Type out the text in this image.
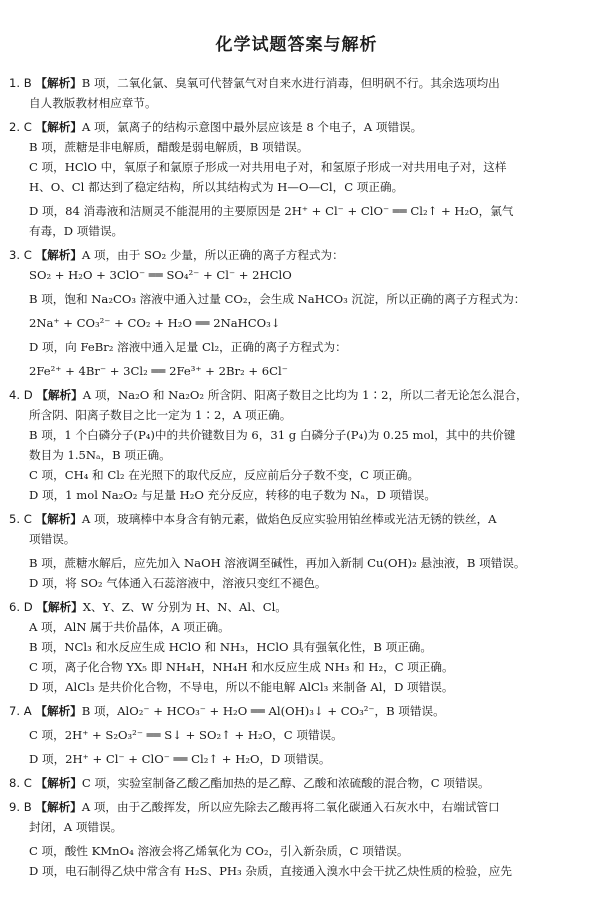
化学试题答案与解析
1. B 【解析】B 项，二氧化氯、臭氧可代替氯气对自来水进行消毒，但明矾不行。其余选项均出
自人教版教材相应章节。
2. C 【解析】A 项，氯离子的结构示意图中最外层应该是 8 个电子，A 项错误。
B 项，蔗糖是非电解质，醋酸是弱电解质，B 项错误。
C 项，HClO 中，氧原子和氯原子形成一对共用电子对，和氢原子形成一对共用电子对，这样
H、O、Cl 都达到了稳定结构，所以其结构式为 H—O—Cl，C 项正确。
D 项，84 消毒液和洁厕灵不能混用的主要原因是 2H⁺ + Cl⁻ + ClO⁻ ══ Cl₂↑ + H₂O，氯气
有毒，D 项错误。
3. C 【解析】A 项，由于 SO₂ 少量，所以正确的离子方程式为：
SO₂ + H₂O + 3ClO⁻ ══ SO₄²⁻ + Cl⁻ + 2HClO
B 项，饱和 Na₂CO₃ 溶液中通入过量 CO₂，会生成 NaHCO₃ 沉淀，所以正确的离子方程式为：
2Na⁺ + CO₃²⁻ + CO₂ + H₂O ══ 2NaHCO₃↓
D 项，向 FeBr₂ 溶液中通入足量 Cl₂，正确的离子方程式为：
2Fe²⁺ + 4Br⁻ + 3Cl₂ ══ 2Fe³⁺ + 2Br₂ + 6Cl⁻
4. D 【解析】A 项，Na₂O 和 Na₂O₂ 所含阴、阳离子数目之比均为 1∶2，所以二者无论怎么混合，
所含阴、阳离子数目之比一定为 1∶2，A 项正确。
B 项，1 个白磷分子(P₄)中的共价键数目为 6，31 g 白磷分子(P₄)为 0.25 mol，其中的共价键
数目为 1.5Nₐ，B 项正确。
C 项，CH₄ 和 Cl₂ 在光照下的取代反应，反应前后分子数不变，C 项正确。
D 项，1 mol Na₂O₂ 与足量 H₂O 充分反应，转移的电子数为 Nₐ，D 项错误。
5. C 【解析】A 项，玻璃棒中本身含有钠元素，做焰色反应实验用铂丝棒或光洁无锈的铁丝，A
项错误。
B 项，蔗糖水解后，应先加入 NaOH 溶液调至碱性，再加入新制 Cu(OH)₂ 悬浊液，B 项错误。
D 项，将 SO₂ 气体通入石蕊溶液中，溶液只变红不褪色。
6. D 【解析】X、Y、Z、W 分别为 H、N、Al、Cl。
A 项，AlN 属于共价晶体，A 项正确。
B 项，NCl₃ 和水反应生成 HClO 和 NH₃，HClO 具有强氧化性，B 项正确。
C 项，离子化合物 YX₅ 即 NH₄H，NH₄H 和水反应生成 NH₃ 和 H₂，C 项正确。
D 项，AlCl₃ 是共价化合物，不导电，所以不能电解 AlCl₃ 来制备 Al，D 项错误。
7. A 【解析】B 项，AlO₂⁻ + HCO₃⁻ + H₂O ══ Al(OH)₃↓ + CO₃²⁻，B 项错误。
C 项，2H⁺ + S₂O₃²⁻ ══ S↓ + SO₂↑ + H₂O，C 项错误。
D 项，2H⁺ + Cl⁻ + ClO⁻ ══ Cl₂↑ + H₂O，D 项错误。
8. C 【解析】C 项，实验室制备乙酸乙酯加热的是乙醇、乙酸和浓硫酸的混合物，C 项错误。
9. B 【解析】A 项，由于乙酸挥发，所以应先除去乙酸再将二氧化碳通入石灰水中，右端试管口
封闭，A 项错误。
C 项，酸性 KMnO₄ 溶液会将乙烯氧化为 CO₂，引入新杂质，C 项错误。
D 项，电石制得乙炔中常含有 H₂S、PH₃ 杂质，直接通入溴水中会干扰乙炔性质的检验，应先
